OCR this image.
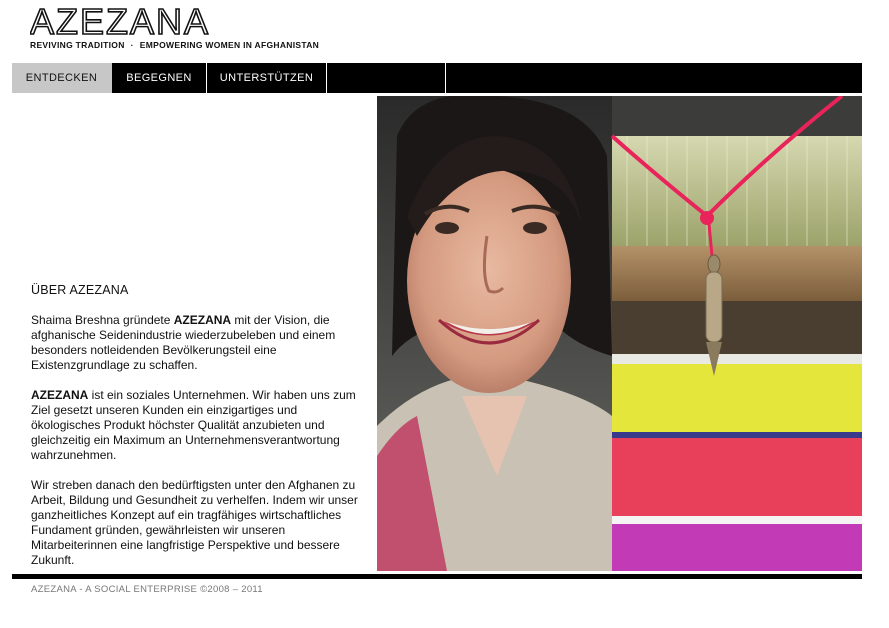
AZEZANA
REVIVING TRADITION · EMPOWERING WOMEN IN AFGHANISTAN
ENTDECKEN	BEGEGNEN	UNTERSTÜTZEN
ÜBER AZEZANA

Shaima Breshna gründete AZEZANA mit der Vision, die afghanische Seidenindustrie wiederzubeleben und einem besonders notleidenden Bevölkerungsteil eine Existenzgrundlage zu schaffen.

AZEZANA ist ein soziales Unternehmen. Wir haben uns zum Ziel gesetzt unseren Kunden ein einzigartiges und ökologisches Produkt höchster Qualität anzubieten und gleichzeitig ein Maximum an Unternehmensverantwortung wahrzunehmen.

Wir streben danach den bedürftigsten unter den Afghanen zu Arbeit, Bildung und Gesundheit zu verhelfen. Indem wir unser ganzheitliches Konzept auf ein tragfähiges wirtschaftliches Fundament gründen, gewährleisten wir unseren Mitarbeiterinnen eine langfristige Perspektive und bessere Zukunft.

AZEZANA - A SOCIAL ENTERPRISE ©2008 – 2011
